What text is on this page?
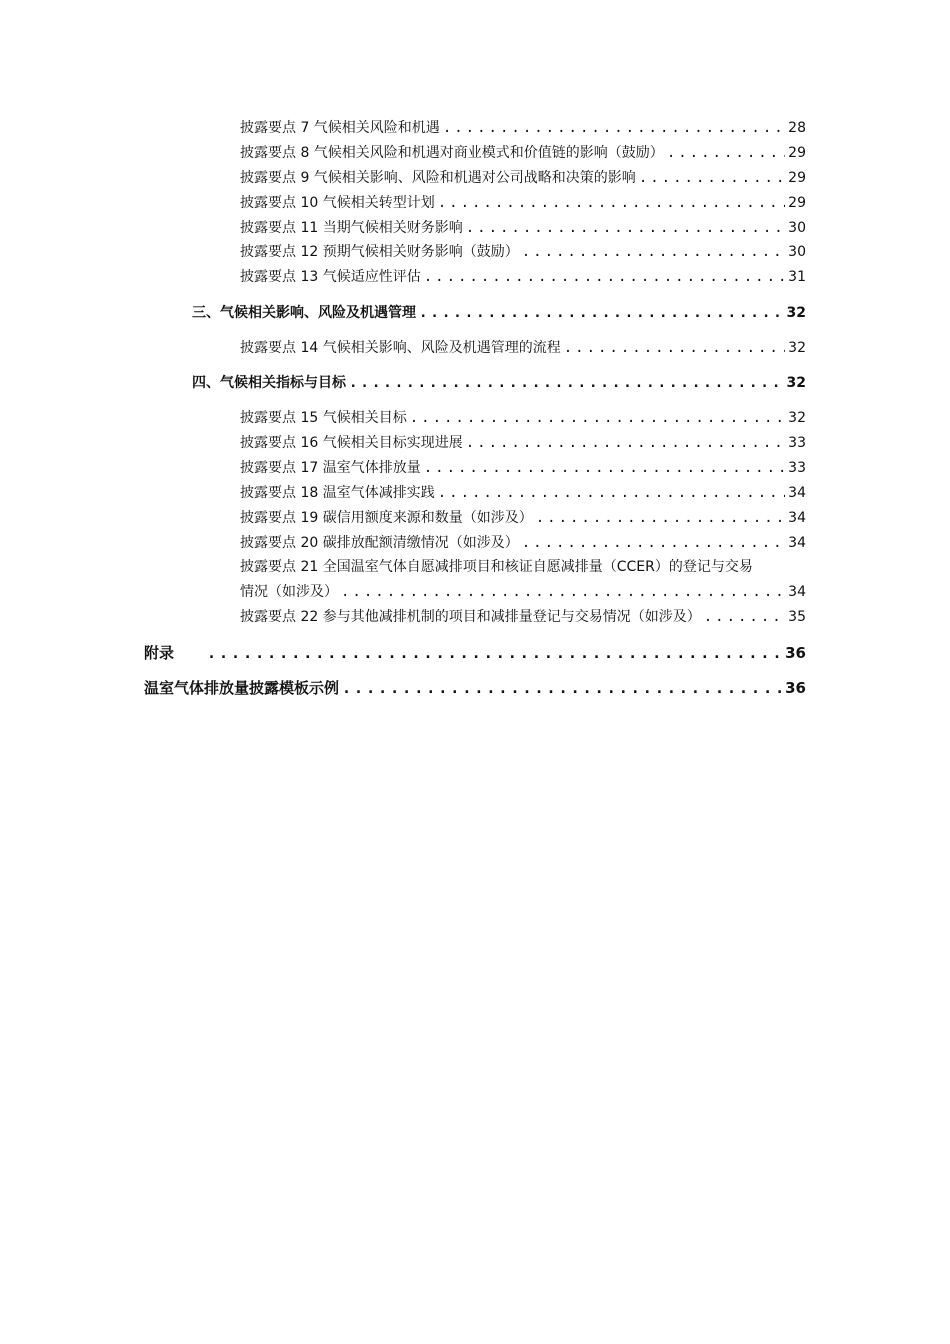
披露要点 7 气候相关风险和机遇 .....	28
披露要点 8 气候相关风险和机遇对商业模式和价值链的影响（鼓励） .....	29
披露要点 9 气候相关影响、风险和机遇对公司战略和决策的影响 .....	29
披露要点 10 气候相关转型计划 .....	29
披露要点 11 当期气候相关财务影响 .....	30
披露要点 12 预期气候相关财务影响（鼓励） .....	30
披露要点 13 气候适应性评估 .....	31
三、气候相关影响、风险及机遇管理 .....	32
披露要点 14 气候相关影响、风险及机遇管理的流程 .....	32
四、气候相关指标与目标 .....	32
披露要点 15 气候相关目标 .....	32
披露要点 16 气候相关目标实现进展 .....	33
披露要点 17 温室气体排放量 .....	33
披露要点 18 温室气体减排实践 .....	34
披露要点 19 碳信用额度来源和数量（如涉及） .....	34
披露要点 20 碳排放配额清缴情况（如涉及） .....	34
披露要点 21 全国温室气体自愿减排项目和核证自愿减排量（CCER）的登记与交易
情况（如涉及） .....	34
披露要点 22 参与其他减排机制的项目和减排量登记与交易情况（如涉及） .....	35
附录 .....	36
温室气体排放量披露模板示例 .....	36
